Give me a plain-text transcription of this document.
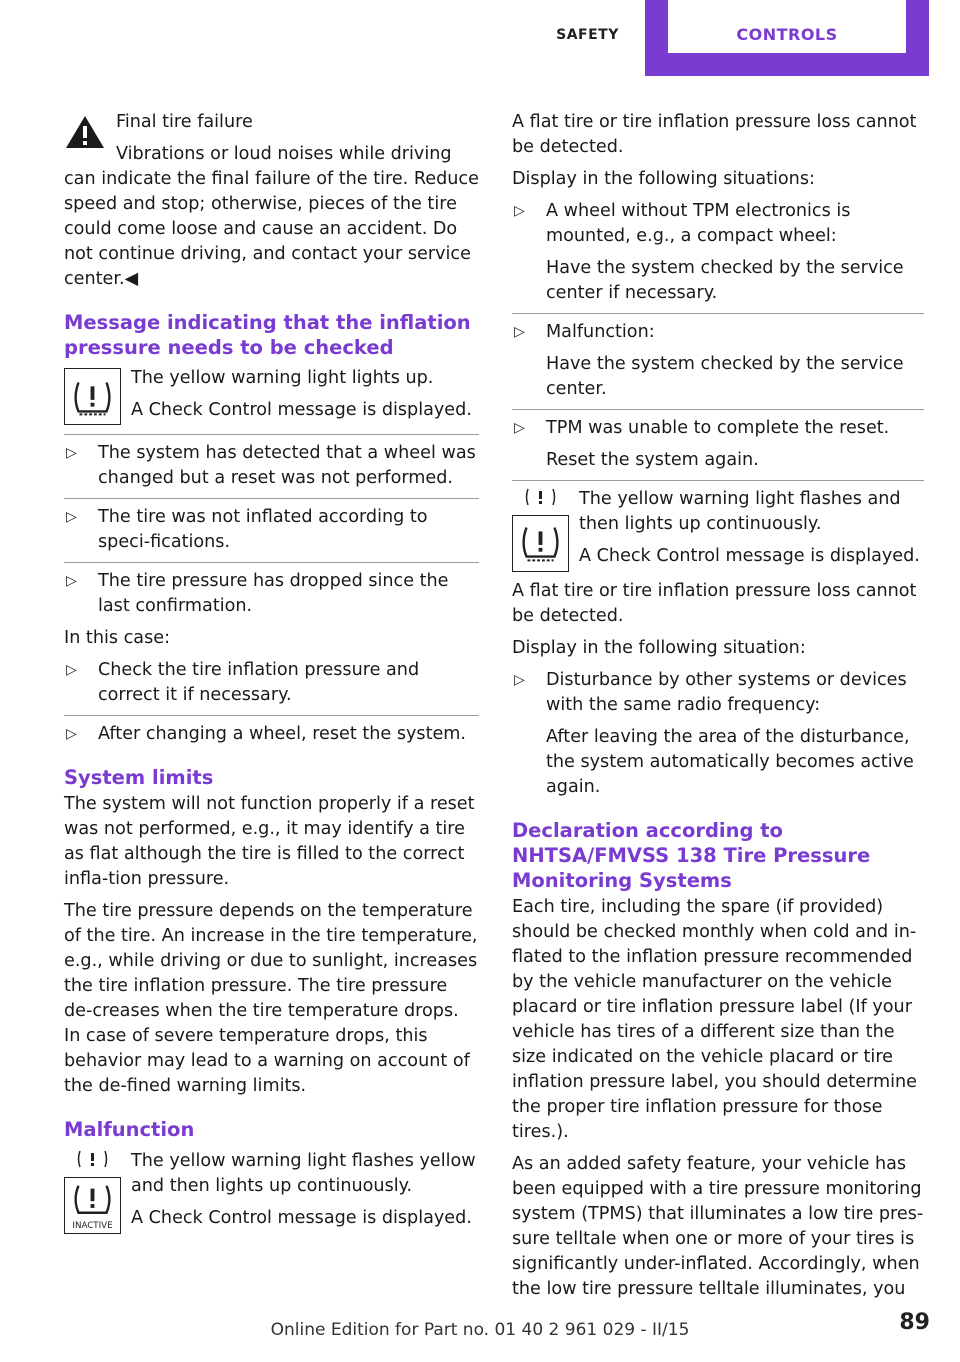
SAFETY	CONTROLS

Final tire failure

Vibrations or loud noises while driving

can indicate the final failure of the tire. Reduce speed and stop; otherwise, pieces of the tire could come loose and cause an accident. Do not continue driving, and contact your service center.◀

Message indicating that the inflation pressure needs to be checked

The yellow warning light lights up.

A Check Control message is displayed.

▷ The system has detected that a wheel was changed but a reset was not performed.

▷ The tire was not inflated according to speci‐fications.

▷ The tire pressure has dropped since the last confirmation.

In this case:

▷ Check the tire inflation pressure and correct it if necessary.

▷ After changing a wheel, reset the system.

System limits

The system will not function properly if a reset was not performed, e.g., it may identify a tire as flat although the tire is filled to the correct infla‐tion pressure.

The tire pressure depends on the temperature of the tire. An increase in the tire temperature, e.g., while driving or due to sunlight, increases the tire inflation pressure. The tire pressure de‐creases when the tire temperature drops. In case of severe temperature drops, this behavior may lead to a warning on account of the de‐fined warning limits.

Malfunction
INACTIVE

The yellow warning light flashes yellow and then lights up continuously.

A Check Control message is displayed.

A flat tire or tire inflation pressure loss cannot be detected.

Display in the following situations:

▷ A wheel without TPM electronics is mounted, e.g., a compact wheel:

Have the system checked by the service center if necessary.

▷ Malfunction:

Have the system checked by the service center.

▷ TPM was unable to complete the reset.

Reset the system again.

The yellow warning light flashes and then lights up continuously.

A Check Control message is displayed.

A flat tire or tire inflation pressure loss cannot be detected.

Display in the following situation:

▷ Disturbance by other systems or devices with the same radio frequency:

After leaving the area of the disturbance, the system automatically becomes active again.

Declaration according to NHTSA/FMVSS 138 Tire Pressure Monitoring Systems

Each tire, including the spare (if provided) should be checked monthly when cold and in‐flated to the inflation pressure recommended by the vehicle manufacturer on the vehicle placard or tire inflation pressure label (If your vehicle has tires of a different size than the size indicated on the vehicle placard or tire inflation pressure label, you should determine the proper tire inflation pressure for those tires.).

As an added safety feature, your vehicle has been equipped with a tire pressure monitoring system (TPMS) that illuminates a low tire pres‐sure telltale when one or more of your tires is significantly under-inflated. Accordingly, when the low tire pressure telltale illuminates, you

Online Edition for Part no. 01 40 2 961 029 - II/15	89
